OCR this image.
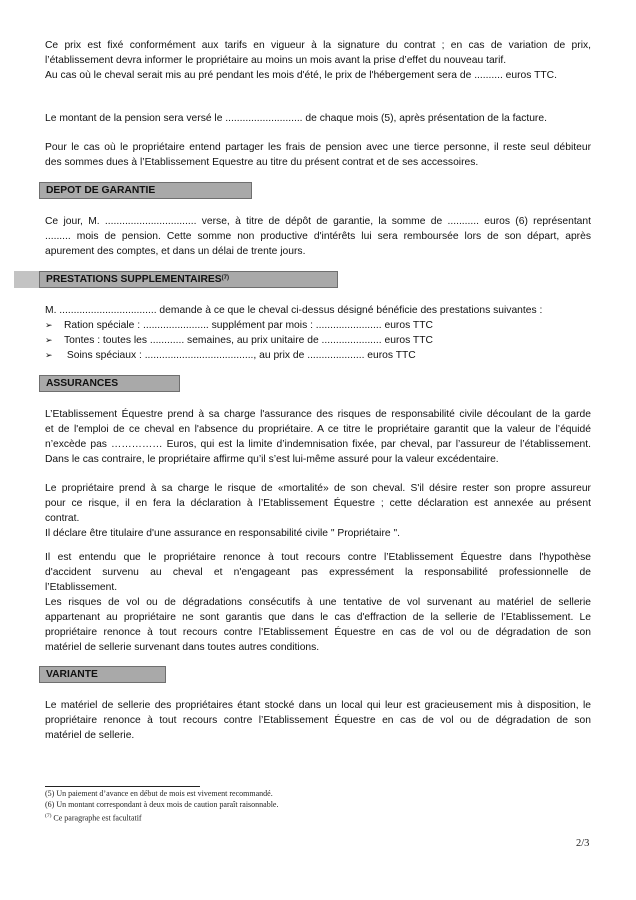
Ce prix est fixé conformément aux tarifs en vigueur à la signature du contrat ; en cas de variation de prix,
l’établissement devra informer le propriétaire au moins un mois avant la prise d’effet du nouveau tarif.
Au cas où le cheval serait mis au pré pendant les mois d'été, le prix de l'hébergement sera de .......... euros TTC.
Le montant de la pension sera versé le ........................... de chaque mois (5), après présentation de la facture.
Pour le cas où le propriétaire entend partager les frais de pension avec une tierce personne, il reste seul débiteur
des sommes dues à l’Etablissement Equestre au titre du présent contrat et de ses accessoires.
DEPOT DE GARANTIE
Ce jour, M. ................................ verse, à titre de dépôt de garantie, la somme de ........... euros (6) représentant
......... mois de pension. Cette somme non productive d'intérêts lui sera remboursée lors de son départ, après
apurement des comptes, et dans un délai de trente jours.
PRESTATIONS SUPPLEMENTAIRES$^{(7)}$
M. .................................. demande à ce que le cheval ci-dessus désigné bénéficie des prestations suivantes :
➢ Ration spéciale : ....................... supplément par mois : ....................... euros TTC
➢ Tontes : toutes les ............ semaines, au prix unitaire de ..................... euros TTC
➢ Soins spéciaux : ......................................, au prix de .................... euros TTC
ASSURANCES
L’Etablissement Équestre prend à sa charge l'assurance des risques de responsabilité civile découlant de la garde
et de l'emploi de ce cheval en l'absence du propriétaire. A ce titre le propriétaire garantit que la valeur de l’équidé
n’excède pas …………… Euros, qui est la limite d’indemnisation fixée, par cheval, par l’assureur de l’établissement.
Dans le cas contraire, le propriétaire affirme qu’il s’est lui-même assuré pour la valeur excédentaire.
Le propriétaire prend à sa charge le risque de «mortalité» de son cheval. S'il désire rester son propre assureur
pour ce risque, il en fera la déclaration à l’Etablissement Équestre ; cette déclaration est annexée au présent
contrat.
Il déclare être titulaire d'une assurance en responsabilité civile " Propriétaire ".
Il est entendu que le propriétaire renonce à tout recours contre l’Etablissement Équestre dans l'hypothèse
d'accident survenu au cheval et n'engageant pas expressément la responsabilité professionnelle de
l’Etablissement.
Les risques de vol ou de dégradations consécutifs à une tentative de vol survenant au matériel de sellerie
appartenant au propriétaire ne sont garantis que dans le cas d'effraction de la sellerie de l’Etablissement. Le
propriétaire renonce à tout recours contre l’Etablissement Équestre en cas de vol ou de dégradation de son
matériel de sellerie survenant dans toutes autres conditions.
VARIANTE
Le matériel de sellerie des propriétaires étant stocké dans un local qui leur est gracieusement mis à disposition, le
propriétaire renonce à tout recours contre l’Etablissement Équestre en cas de vol ou de dégradation de son
matériel de sellerie.
(5) Un paiement d’avance en début de mois est vivement recommandé.
(6) Un montant correspondant à deux mois de caution paraît raisonnable.
$^{(7)}$ Ce paragraphe est facultatif
2/3
